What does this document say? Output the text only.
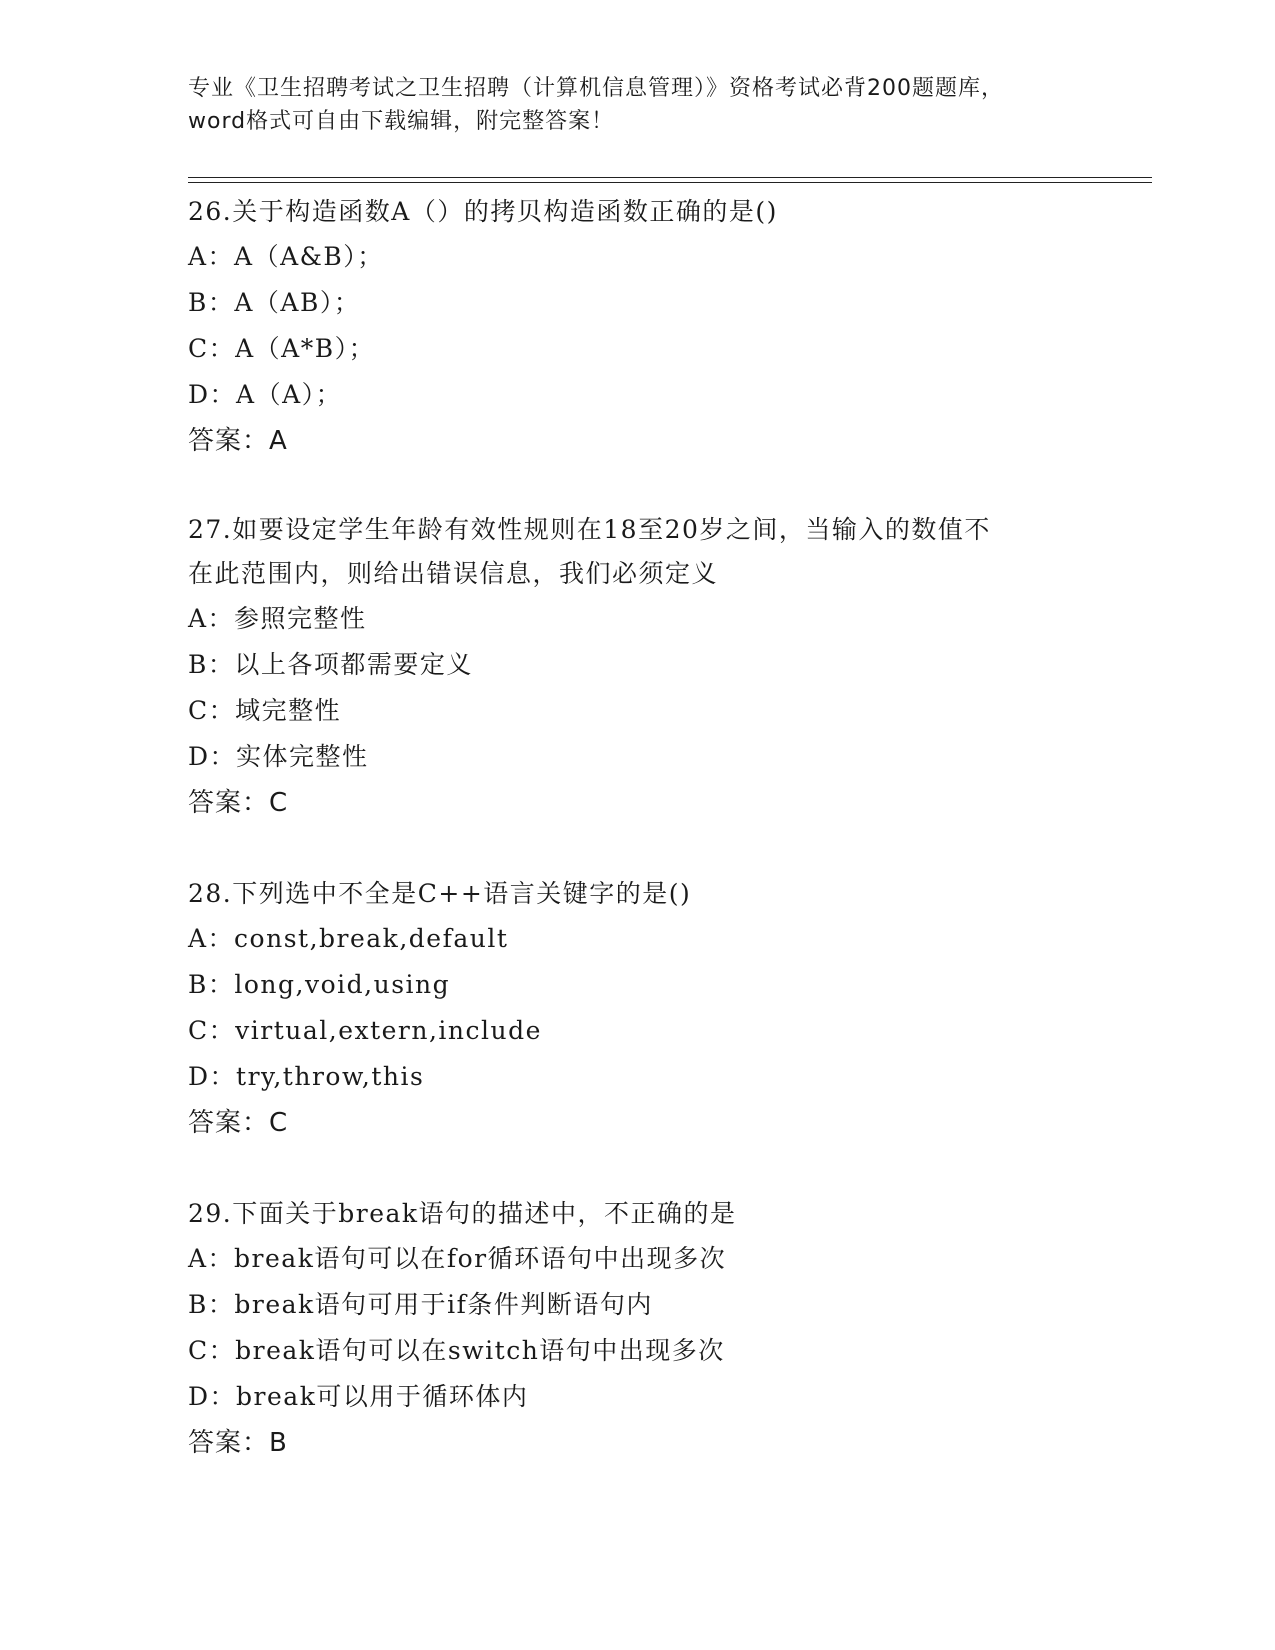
专业《卫生招聘考试之卫生招聘（计算机信息管理）》资格考试必背200题题库，
word格式可自由下载编辑，附完整答案！
26.关于构造函数A（）的拷贝构造函数正确的是()
A：A（A&B）；
B：A（AB）；
C：A（A*B）；
D：A（A）；
答案：A
27.如要设定学生年龄有效性规则在18至20岁之间，当输入的数值不
在此范围内，则给出错误信息，我们必须定义
A：参照完整性
B：以上各项都需要定义
C：域完整性
D：实体完整性
答案：C
28.下列选中不全是C++语言关键字的是()
A：const,break,default
B：long,void,using
C：virtual,extern,include
D：try,throw,this
答案：C
29.下面关于break语句的描述中，不正确的是
A：break语句可以在for循环语句中出现多次
B：break语句可用于if条件判断语句内
C：break语句可以在switch语句中出现多次
D：break可以用于循环体内
答案：B
